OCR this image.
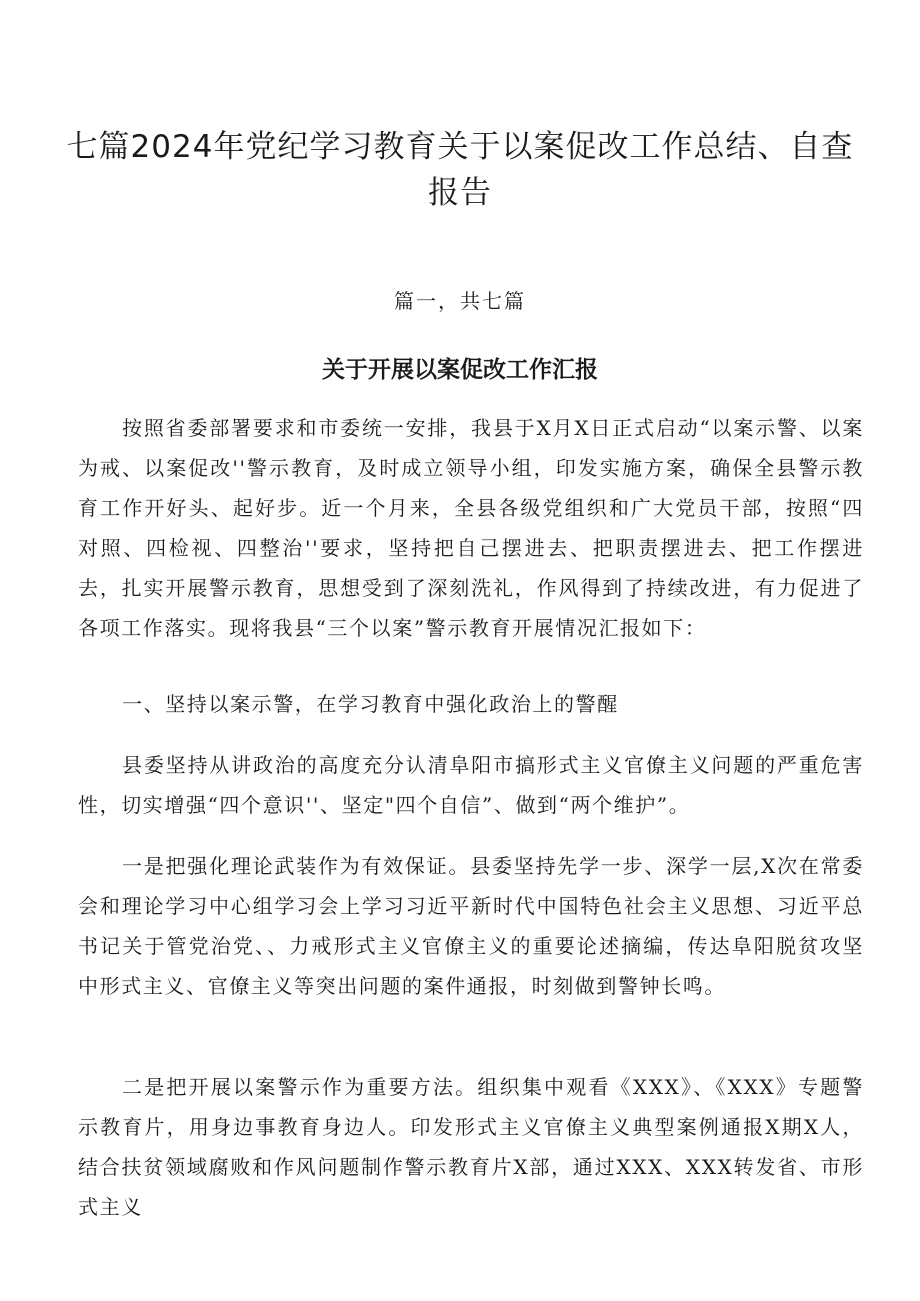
七篇2024年党纪学习教育关于以案促改工作总结、自查报告

篇一，共七篇

关于开展以案促改工作汇报

按照省委部署要求和市委统一安排，我县于X月X日正式启动“以案示警、以案为戒、以案促改''警示教育，及时成立领导小组，印发实施方案，确保全县警示教育工作开好头、起好步。近一个月来，全县各级党组织和广大党员干部，按照“四对照、四检视、四整治''要求，坚持把自己摆进去、把职责摆进去、把工作摆进去，扎实开展警示教育，思想受到了深刻洗礼，作风得到了持续改进，有力促进了各项工作落实。现将我县“三个以案”警示教育开展情况汇报如下：

一、坚持以案示警，在学习教育中强化政治上的警醒

县委坚持从讲政治的高度充分认清阜阳市搞形式主义官僚主义问题的严重危害性，切实增强“四个意识''、坚定"四个自信”、做到“两个维护”。

一是把强化理论武装作为有效保证。县委坚持先学一步、深学一层,X次在常委会和理论学习中心组学习会上学习习近平新时代中国特色社会主义思想、习近平总书记关于管党治党、、力戒形式主义官僚主义的重要论述摘编，传达阜阳脱贫攻坚中形式主义、官僚主义等突出问题的案件通报，时刻做到警钟长鸣。

二是把开展以案警示作为重要方法。组织集中观看《XXX》、《XXX》专题警示教育片，用身边事教育身边人。印发形式主义官僚主义典型案例通报X期X人，结合扶贫领域腐败和作风问题制作警示教育片X部，通过XXX、XXX转发省、市形式主义
